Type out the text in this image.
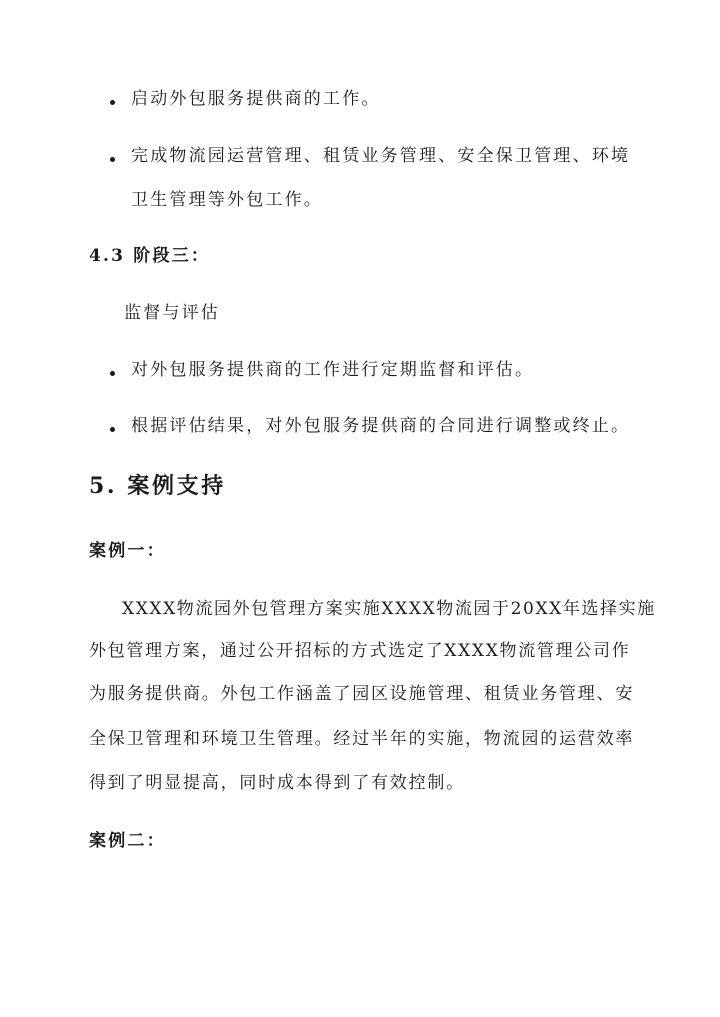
启动外包服务提供商的工作。
完成物流园运营管理、租赁业务管理、安全保卫管理、环境
卫生管理等外包工作。
4.3 阶段三：
监督与评估
对外包服务提供商的工作进行定期监督和评估。
根据评估结果，对外包服务提供商的合同进行调整或终止。
5. 案例支持
案例一：
XXXX物流园外包管理方案实施XXXX物流园于20XX年选择实施
外包管理方案，通过公开招标的方式选定了XXXX物流管理公司作
为服务提供商。外包工作涵盖了园区设施管理、租赁业务管理、安
全保卫管理和环境卫生管理。经过半年的实施，物流园的运营效率
得到了明显提高，同时成本得到了有效控制。
案例二：
